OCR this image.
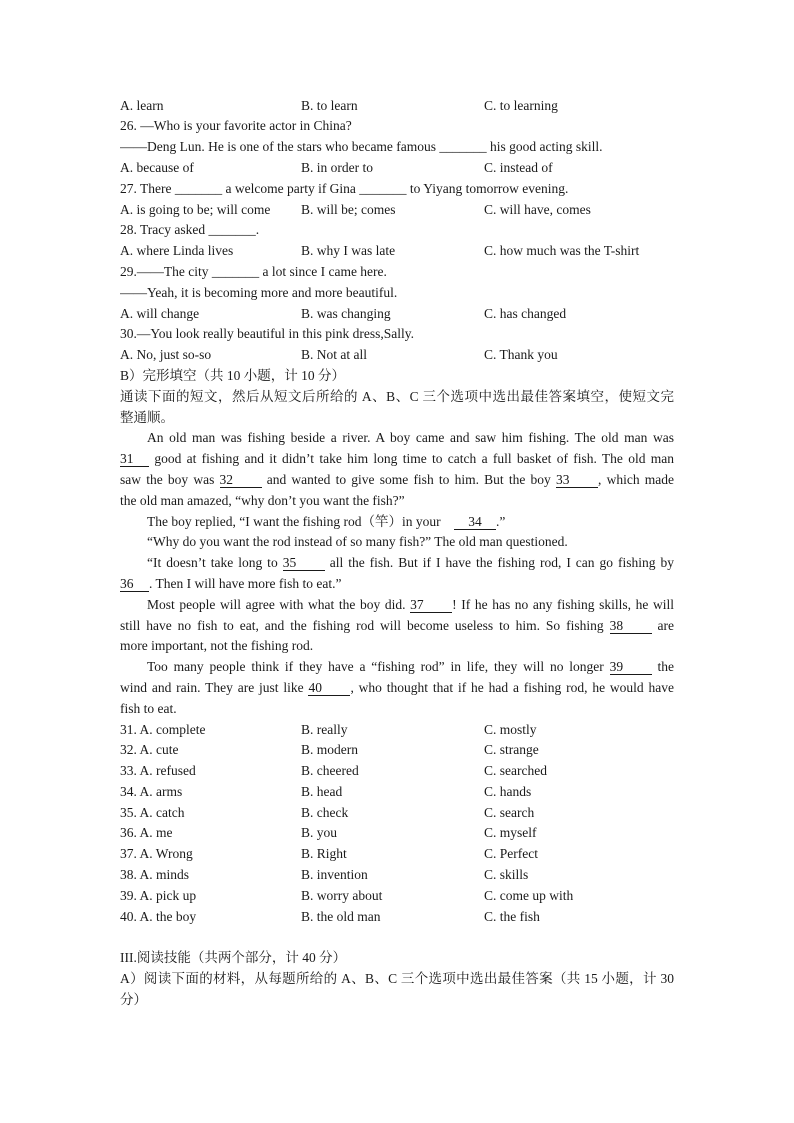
A. learn	B. to learn	C. to learning
26. —Who is your favorite actor in China?
——Deng Lun. He is one of the stars who became famous _______ his good acting skill.
A. because of	B. in order to	C. instead of
27. There _______ a welcome party if Gina _______ to Yiyang tomorrow evening.
A. is going to be; will come	B. will be; comes	C. will have, comes
28. Tracy asked _______.
A. where Linda lives	B. why I was late	C. how much was the T-shirt
29.——The city _______ a lot since I came here.
——Yeah, it is becoming more and more beautiful.
A. will change	B. was changing	C. has changed
30.—You look really beautiful in this pink dress,Sally.
A. No, just so-so	B. Not at all	C. Thank you
B）完形填空（共 10 小题，计 10 分）
通读下面的短文，然后从短文后所给的 A、B、C 三个选项中选出最佳答案填空，使短文完
整通顺。
An old man was fishing beside a river. A boy came and saw him fishing. The old man was
31 good at fishing and it didn’t take him long time to catch a full basket of fish. The old man
saw the boy was 32 and wanted to give some fish to him. But the boy 33 , which made
the old man amazed, “why don’t you want the fish?”
The boy replied, “I want the fishing rod（竿）in your 34 .”
“Why do you want the rod instead of so many fish?” The old man questioned.
“It doesn’t take long to 35 all the fish. But if I have the fishing rod, I can go fishing by
36 . Then I will have more fish to eat.”
Most people will agree with what the boy did. 37 ! If he has no any fishing skills, he will
still have no fish to eat, and the fishing rod will become useless to him. So fishing 38	are
more important, not the fishing rod.
Too many people think if they have a “fishing rod” in life, they will no longer 39	the
wind and rain. They are just like 40 , who thought that if he had a fishing rod, he would have
fish to eat.
31. A. complete	B. really	C. mostly
32. A. cute	B. modern	C. strange
33. A. refused	B. cheered	C. searched
34. A. arms	B. head	C. hands
35. A. catch	B. check	C. search
36. A. me	B. you	C. myself
37. A. Wrong	B. Right	C. Perfect
38. A. minds	B. invention	C. skills
39. A. pick up	B. worry about	C. come up with
40. A. the boy	B. the old man	C. the fish
III.阅读技能（共两个部分，计 40 分）
A）阅读下面的材料，从每题所给的 A、B、C 三个选项中选出最佳答案（共 15 小题，计 30
分）
